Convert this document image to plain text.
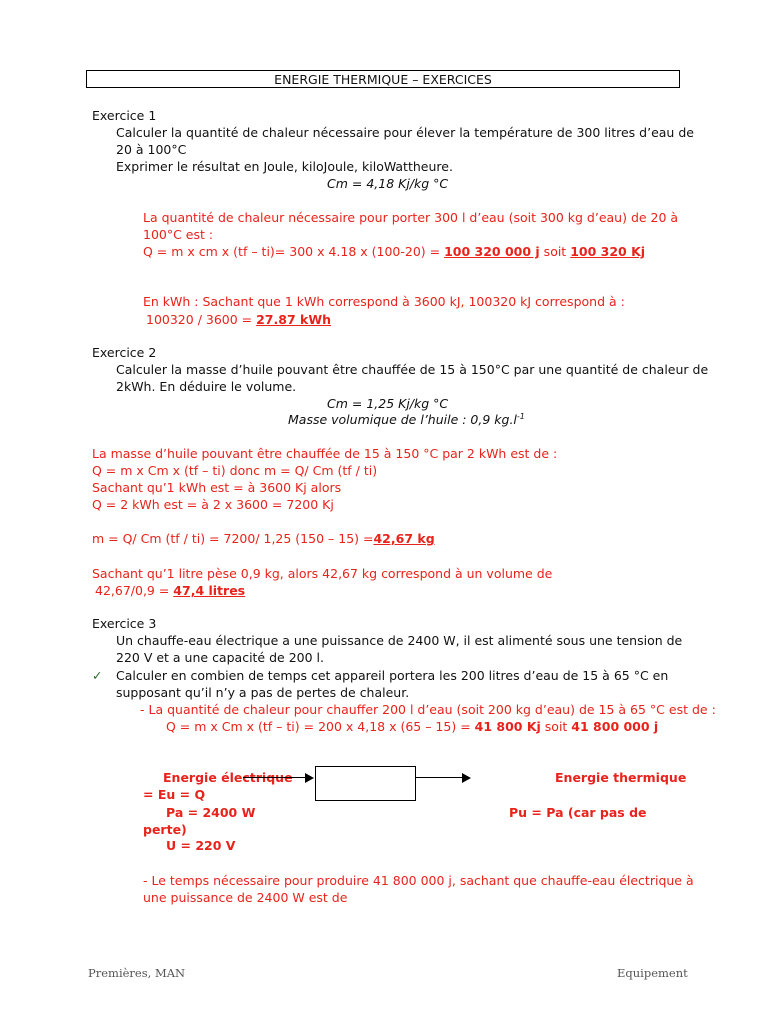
ENERGIE THERMIQUE – EXERCICES
Exercice 1
Calculer la quantité de chaleur nécessaire pour élever la température de 300 litres d’eau de
20 à 100°C
Exprimer le résultat en Joule, kiloJoule, kiloWattheure.
Cm = 4,18 Kj/kg °C
La quantité de chaleur nécessaire pour porter 300 l d’eau (soit 300 kg d’eau) de 20 à
100°C est :
Q = m x cm x (tf – ti)= 300 x 4.18 x (100-20) = 100 320 000 j soit 100 320 Kj
En kWh : Sachant que 1 kWh correspond à 3600 kJ, 100320 kJ correspond à :
100320 / 3600 = 27.87 kWh
Exercice 2
Calculer la masse d’huile pouvant être chauffée de 15 à 150°C par une quantité de chaleur de
2kWh. En déduire le volume.
Cm = 1,25 Kj/kg °C
Masse volumique de l’huile : 0,9 $kg.l^{-1}$
La masse d’huile pouvant être chauffée de 15 à 150 °C par 2 kWh est de :
Q = m x Cm x (tf – ti) donc m = Q/ Cm (tf / ti)
Sachant qu’1 kWh est = à 3600 Kj alors
Q = 2 kWh est = à 2 x 3600 = 7200 Kj
m = Q/ Cm (tf / ti) = 7200/ 1,25 (150 – 15) =42,67 kg
Sachant qu’1 litre pèse 0,9 kg, alors 42,67 kg correspond à un volume de
42,67/0,9 = 47,4 litres
Exercice 3
Un chauffe-eau électrique a une puissance de 2400 W, il est alimenté sous une tension de
220 V et a une capacité de 200 l.
✓ Calculer en combien de temps cet appareil portera les 200 litres d’eau de 15 à 65 °C en
supposant qu’il n’y a pas de pertes de chaleur.
- La quantité de chaleur pour chauffer 200 l d’eau (soit 200 kg d’eau) de 15 à 65 °C est de :
Q = m x Cm x (tf – ti) = 200 x 4,18 x (65 – 15) = 41 800 Kj soit 41 800 000 j
Energie électrique	Energie thermique
= Eu = Q
Pa = 2400 W	Pu = Pa (car pas de
perte)
U = 220 V
- Le temps nécessaire pour produire 41 800 000 j, sachant que chauffe-eau électrique à
une puissance de 2400 W est de
Premières, MAN	Equipement
